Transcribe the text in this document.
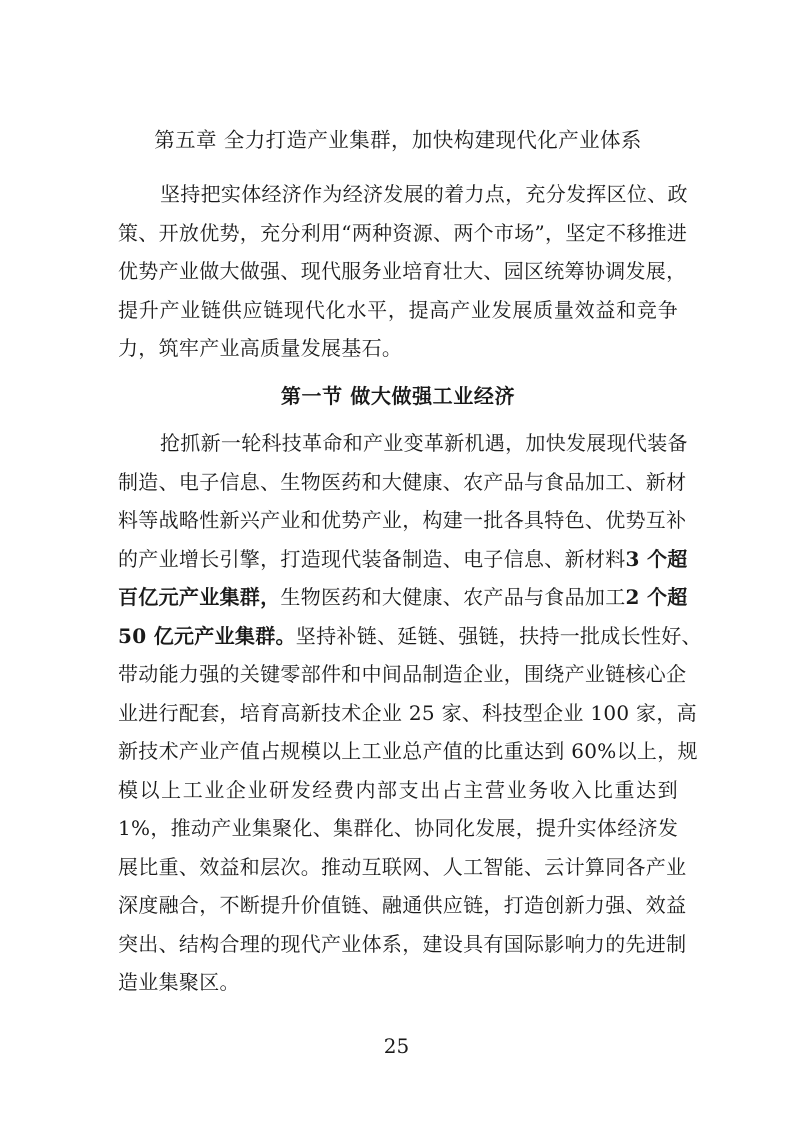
第五章 全力打造产业集群，加快构建现代化产业体系
坚持把实体经济作为经济发展的着力点，充分发挥区位、政
策、开放优势，充分利用“两种资源、两个市场”，坚定不移推进
优势产业做大做强、现代服务业培育壮大、园区统筹协调发展，
提升产业链供应链现代化水平，提高产业发展质量效益和竞争
力，筑牢产业高质量发展基石。
第一节 做大做强工业经济
抢抓新一轮科技革命和产业变革新机遇，加快发展现代装备
制造、电子信息、生物医药和大健康、农产品与食品加工、新材
料等战略性新兴产业和优势产业，构建一批各具特色、优势互补
的产业增长引擎，打造现代装备制造、电子信息、新材料3 个超
百亿元产业集群，生物医药和大健康、农产品与食品加工2 个超
50 亿元产业集群。坚持补链、延链、强链，扶持一批成长性好、
带动能力强的关键零部件和中间品制造企业，围绕产业链核心企
业进行配套，培育高新技术企业 25 家、科技型企业 100 家，高
新技术产业产值占规模以上工业总产值的比重达到 60%以上，规
模以上工业企业研发经费内部支出占主营业务收入比重达到
1%，推动产业集聚化、集群化、协同化发展，提升实体经济发
展比重、效益和层次。推动互联网、人工智能、云计算同各产业
深度融合，不断提升价值链、融通供应链，打造创新力强、效益
突出、结构合理的现代产业体系，建设具有国际影响力的先进制
造业集聚区。
25
